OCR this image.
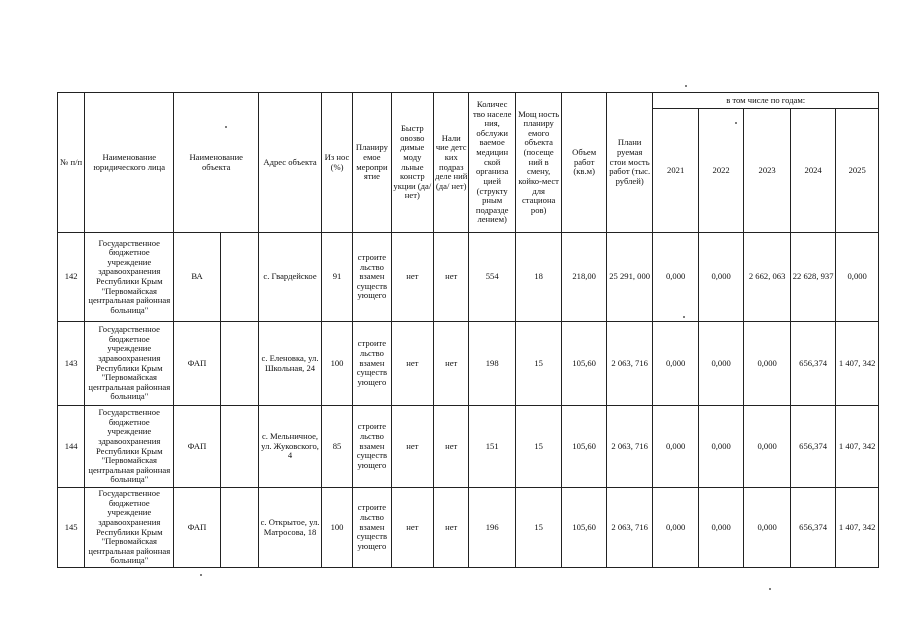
№ п/п	Наименование юридического лица	Наименование объекта		Адрес объекта	Из нос (%)	Планиру емое меропри ятие	Быстр овозво димые моду льные констр укции (да/ нет)	Нали чие детс ких подраз деле ний (да/ нет)	Количес тво населе ния, обслужи ваемое медицин ской организа цией (структу рным подразде лением)	Мощ ность планиру емого объекта (посеще ний в смену, койко-мест для стациона ров)	Объем работ (кв.м)	Плани руемая стои мость работ (тыс. рублей)	в том числе по годам:				
													2021	2022	2023	2024	2025
142	Государственное бюджетное учреждение здравоохранения Республики Крым "Первомайская центральная районная больница"	ВА		с. Гвардейское	91	строите льство взамен существ ующего	нет	нет	554	18	218,00	25 291, 000	0,000	0,000	2 662, 063	22 628, 937	0,000
143	Государственное бюджетное учреждение здравоохранения Республики Крым "Первомайская центральная районная больница"	ФАП		с. Еленовка, ул. Школьная, 24	100	строите льство взамен существ ующего	нет	нет	198	15	105,60	2 063, 716	0,000	0,000	0,000	656,374	1 407, 342
144	Государственное бюджетное учреждение здравоохранения Республики Крым "Первомайская центральная районная больница"	ФАП		с. Мельничное, ул. Жуковского, 4	85	строите льство взамен существ ующего	нет	нет	151	15	105,60	2 063, 716	0,000	0,000	0,000	656,374	1 407, 342
145	Государственное бюджетное учреждение здравоохранения Республики Крым "Первомайская центральная районная больница"	ФАП		с. Открытое, ул. Матросова, 18	100	строите льство взамен существ ующего	нет	нет	196	15	105,60	2 063, 716	0,000	0,000	0,000	656,374	1 407, 342
